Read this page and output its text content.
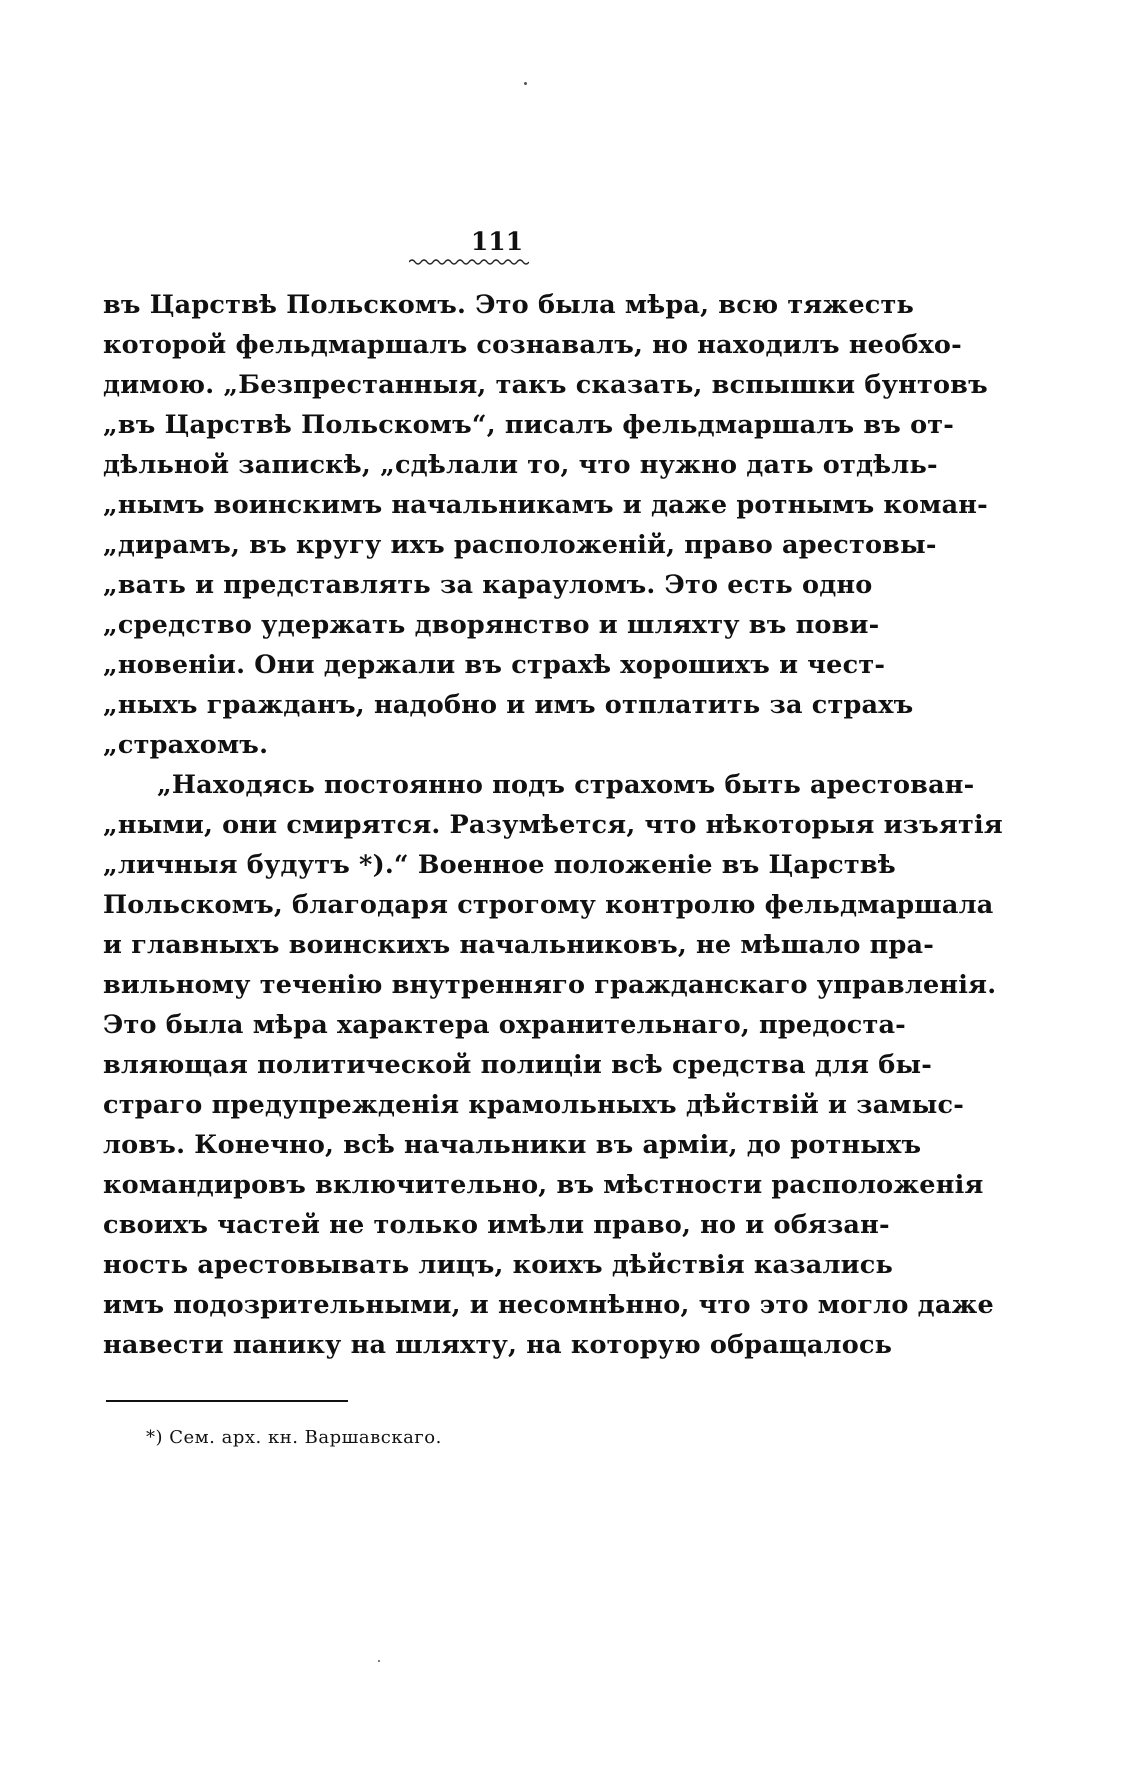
111
въ Царствѣ Польскомъ. Это была мѣра, всю тяжесть
которой фельдмаршалъ сознавалъ, но находилъ необхо-
димою. „Безпрестанныя, такъ сказать, вспышки бунтовъ
„въ Царствѣ Польскомъ“, писалъ фельдмаршалъ въ от-
дѣльной запискѣ, „сдѣлали то, что нужно дать отдѣль-
„нымъ воинскимъ начальникамъ и даже ротнымъ коман-
„дирамъ, въ кругу ихъ расположенiй, право арестовы-
„вать и представлять за карауломъ. Это есть одно
„средство удержать дворянство и шляхту въ пови-
„новенiи. Они держали въ страхѣ хорошихъ и чест-
„ныхъ гражданъ, надобно и имъ отплатить за страхъ
„страхомъ.
„Находясь постоянно подъ страхомъ быть арестован-
„ными, они смирятся. Разумѣется, что нѣкоторыя изъятiя
„личныя будутъ *).“ Военное положенiе въ Царствѣ
Польскомъ, благодаря строгому контролю фельдмаршала
и главныхъ воинскихъ начальниковъ, не мѣшало пра-
вильному теченiю внутренняго гражданскаго управленiя.
Это была мѣра характера охранительнаго, предоста-
вляющая политической полицiи всѣ средства для бы-
страго предупрежденiя крамольныхъ дѣйствiй и замыс-
ловъ. Конечно, всѣ начальники въ армiи, до ротныхъ
командировъ включительно, въ мѣстности расположенiя
своихъ частей не только имѣли право, но и обязан-
ность арестовывать лицъ, коихъ дѣйствiя казались
имъ подозрительными, и несомнѣнно, что это могло даже
навести панику на шляхту, на которую обращалось
*) Сем. арх. кн. Варшавскаго.
